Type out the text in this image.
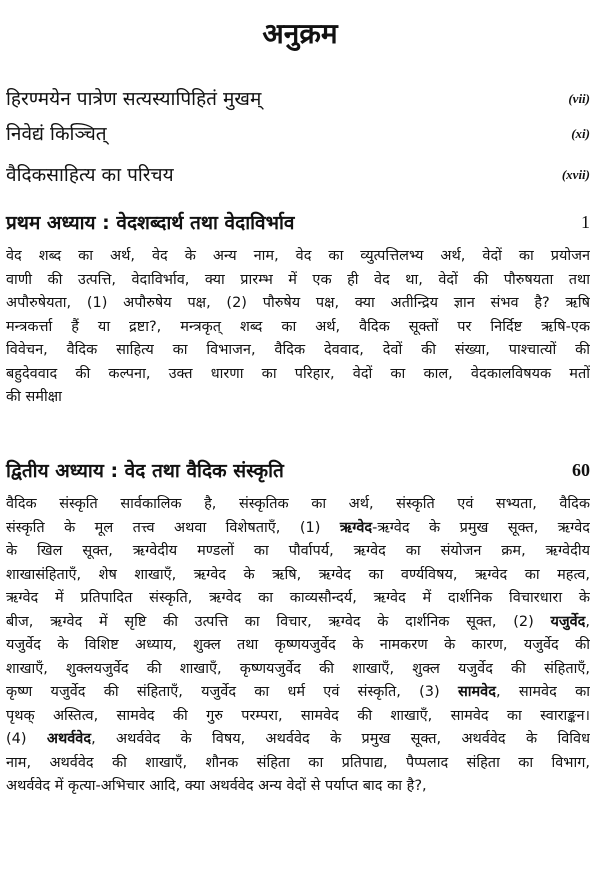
अनुक्रम
हिरण्मयेन पात्रेण सत्यस्यापिहितं मुखम्	(vii)
निवेद्यं किञ्चित्	(xi)
वैदिकसाहित्य का परिचय	(xvii)
प्रथम अध्याय : वेदशब्दार्थ तथा वेदाविर्भाव	1
वेद शब्द का अर्थ, वेद के अन्य नाम, वेद का व्युत्पत्तिलभ्य अर्थ, वेदों का प्रयोजन
वाणी की उत्पत्ति, वेदाविर्भाव, क्या प्रारम्भ में एक ही वेद था, वेदों की पौरुषयता तथा
अपौरुषेयता, (1) अपौरुषेय पक्ष, (2) पौरुषेय पक्ष, क्या अतीन्द्रिय ज्ञान संभव है? ऋषि
मन्त्रकर्त्ता हैं या द्रष्टा?, मन्त्रकृत् शब्द का अर्थ, वैदिक सूक्तों पर निर्दिष्ट ऋषि-एक
विवेचन, वैदिक साहित्य का विभाजन, वैदिक देववाद, देवों की संख्या, पाश्चात्यों की
बहुदेववाद की कल्पना, उक्त धारणा का परिहार, वेदों का काल, वेदकालविषयक मतों
की समीक्षा
द्वितीय अध्याय : वेद तथा वैदिक संस्कृति	60
वैदिक संस्कृति सार्वकालिक है, संस्कृतिक का अर्थ, संस्कृति एवं सभ्यता, वैदिक
संस्कृति के मूल तत्त्व अथवा विशेषताएँ, (1) ऋग्वेद-ऋग्वेद के प्रमुख सूक्त, ऋग्वेद
के खिल सूक्त, ऋग्वेदीय मण्डलों का पौर्वापर्य, ऋग्वेद का संयोजन क्रम, ऋग्वेदीय
शाखासंहिताएँ, शेष शाखाएँ, ऋग्वेद के ऋषि, ऋग्वेद का वर्ण्यविषय, ऋग्वेद का महत्व,
ऋग्वेद में प्रतिपादित संस्कृति, ऋग्वेद का काव्यसौन्दर्य, ऋग्वेद में दार्शनिक विचारधारा के
बीज, ऋग्वेद में सृष्टि की उत्पत्ति का विचार, ऋग्वेद के दार्शनिक सूक्त, (2) यजुर्वेद,
यजुर्वेद के विशिष्ट अध्याय, शुक्ल तथा कृष्णयजुर्वेद के नामकरण के कारण, यजुर्वेद की
शाखाएँ, शुक्लयजुर्वेद की शाखाएँ, कृष्णयजुर्वेद की शाखाएँ, शुक्ल यजुर्वेद की संहिताएँ,
कृष्ण यजुर्वेद की संहिताएँ, यजुर्वेद का धर्म एवं संस्कृति, (3) सामवेद, सामवेद का
पृथक् अस्तित्व, सामवेद की गुरु परम्परा, सामवेद की शाखाएँ, सामवेद का स्वाराङ्कन।
(4) अथर्ववेद, अथर्ववेद के विषय, अथर्ववेद के प्रमुख सूक्त, अथर्ववेद के विविध
नाम, अथर्ववेद की शाखाएँ, शौनक संहिता का प्रतिपाद्य, पैप्पलाद संहिता का विभाग,
अथर्ववेद में कृत्या-अभिचार आदि, क्या अथर्ववेद अन्य वेदों से पर्याप्त बाद का है?,
